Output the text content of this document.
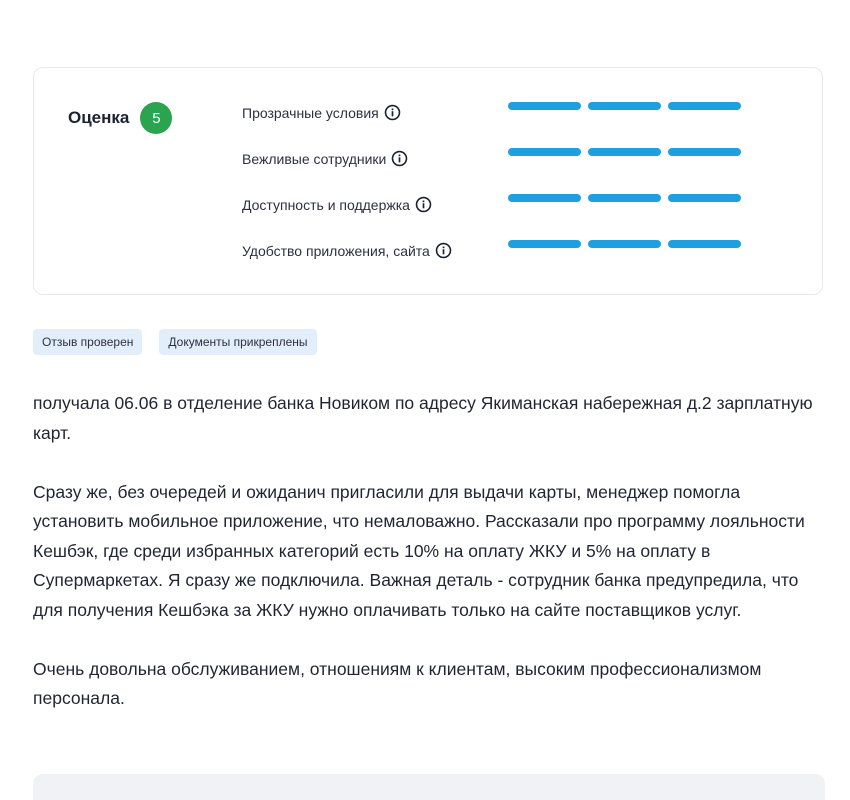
Оценка	5	Прозрачные условия
Вежливые сотрудники
Доступность и поддержка
Удобство приложения, сайта
Отзыв проверен	Документы прикреплены

получала 06.06 в отделение банка Новиком по адресу Якиманская набережная д.2 зарплатную карт.

Сразу же, без очередей и ожиданич пригласили для выдачи карты, менеджер помогла установить мобильное приложение, что немаловажно. Рассказали про программу лояльности Кешбэк, где среди избранных категорий есть 10% на оплату ЖКУ и 5% на оплату в Супермаркетах. Я сразу же подключила. Важная деталь - сотрудник банка предупредила, что для получения Кешбэка за ЖКУ нужно оплачивать только на сайте поставщиков услуг.

Очень довольна обслуживанием, отношениям к клиентам, высоким профессионализмом персонала.
